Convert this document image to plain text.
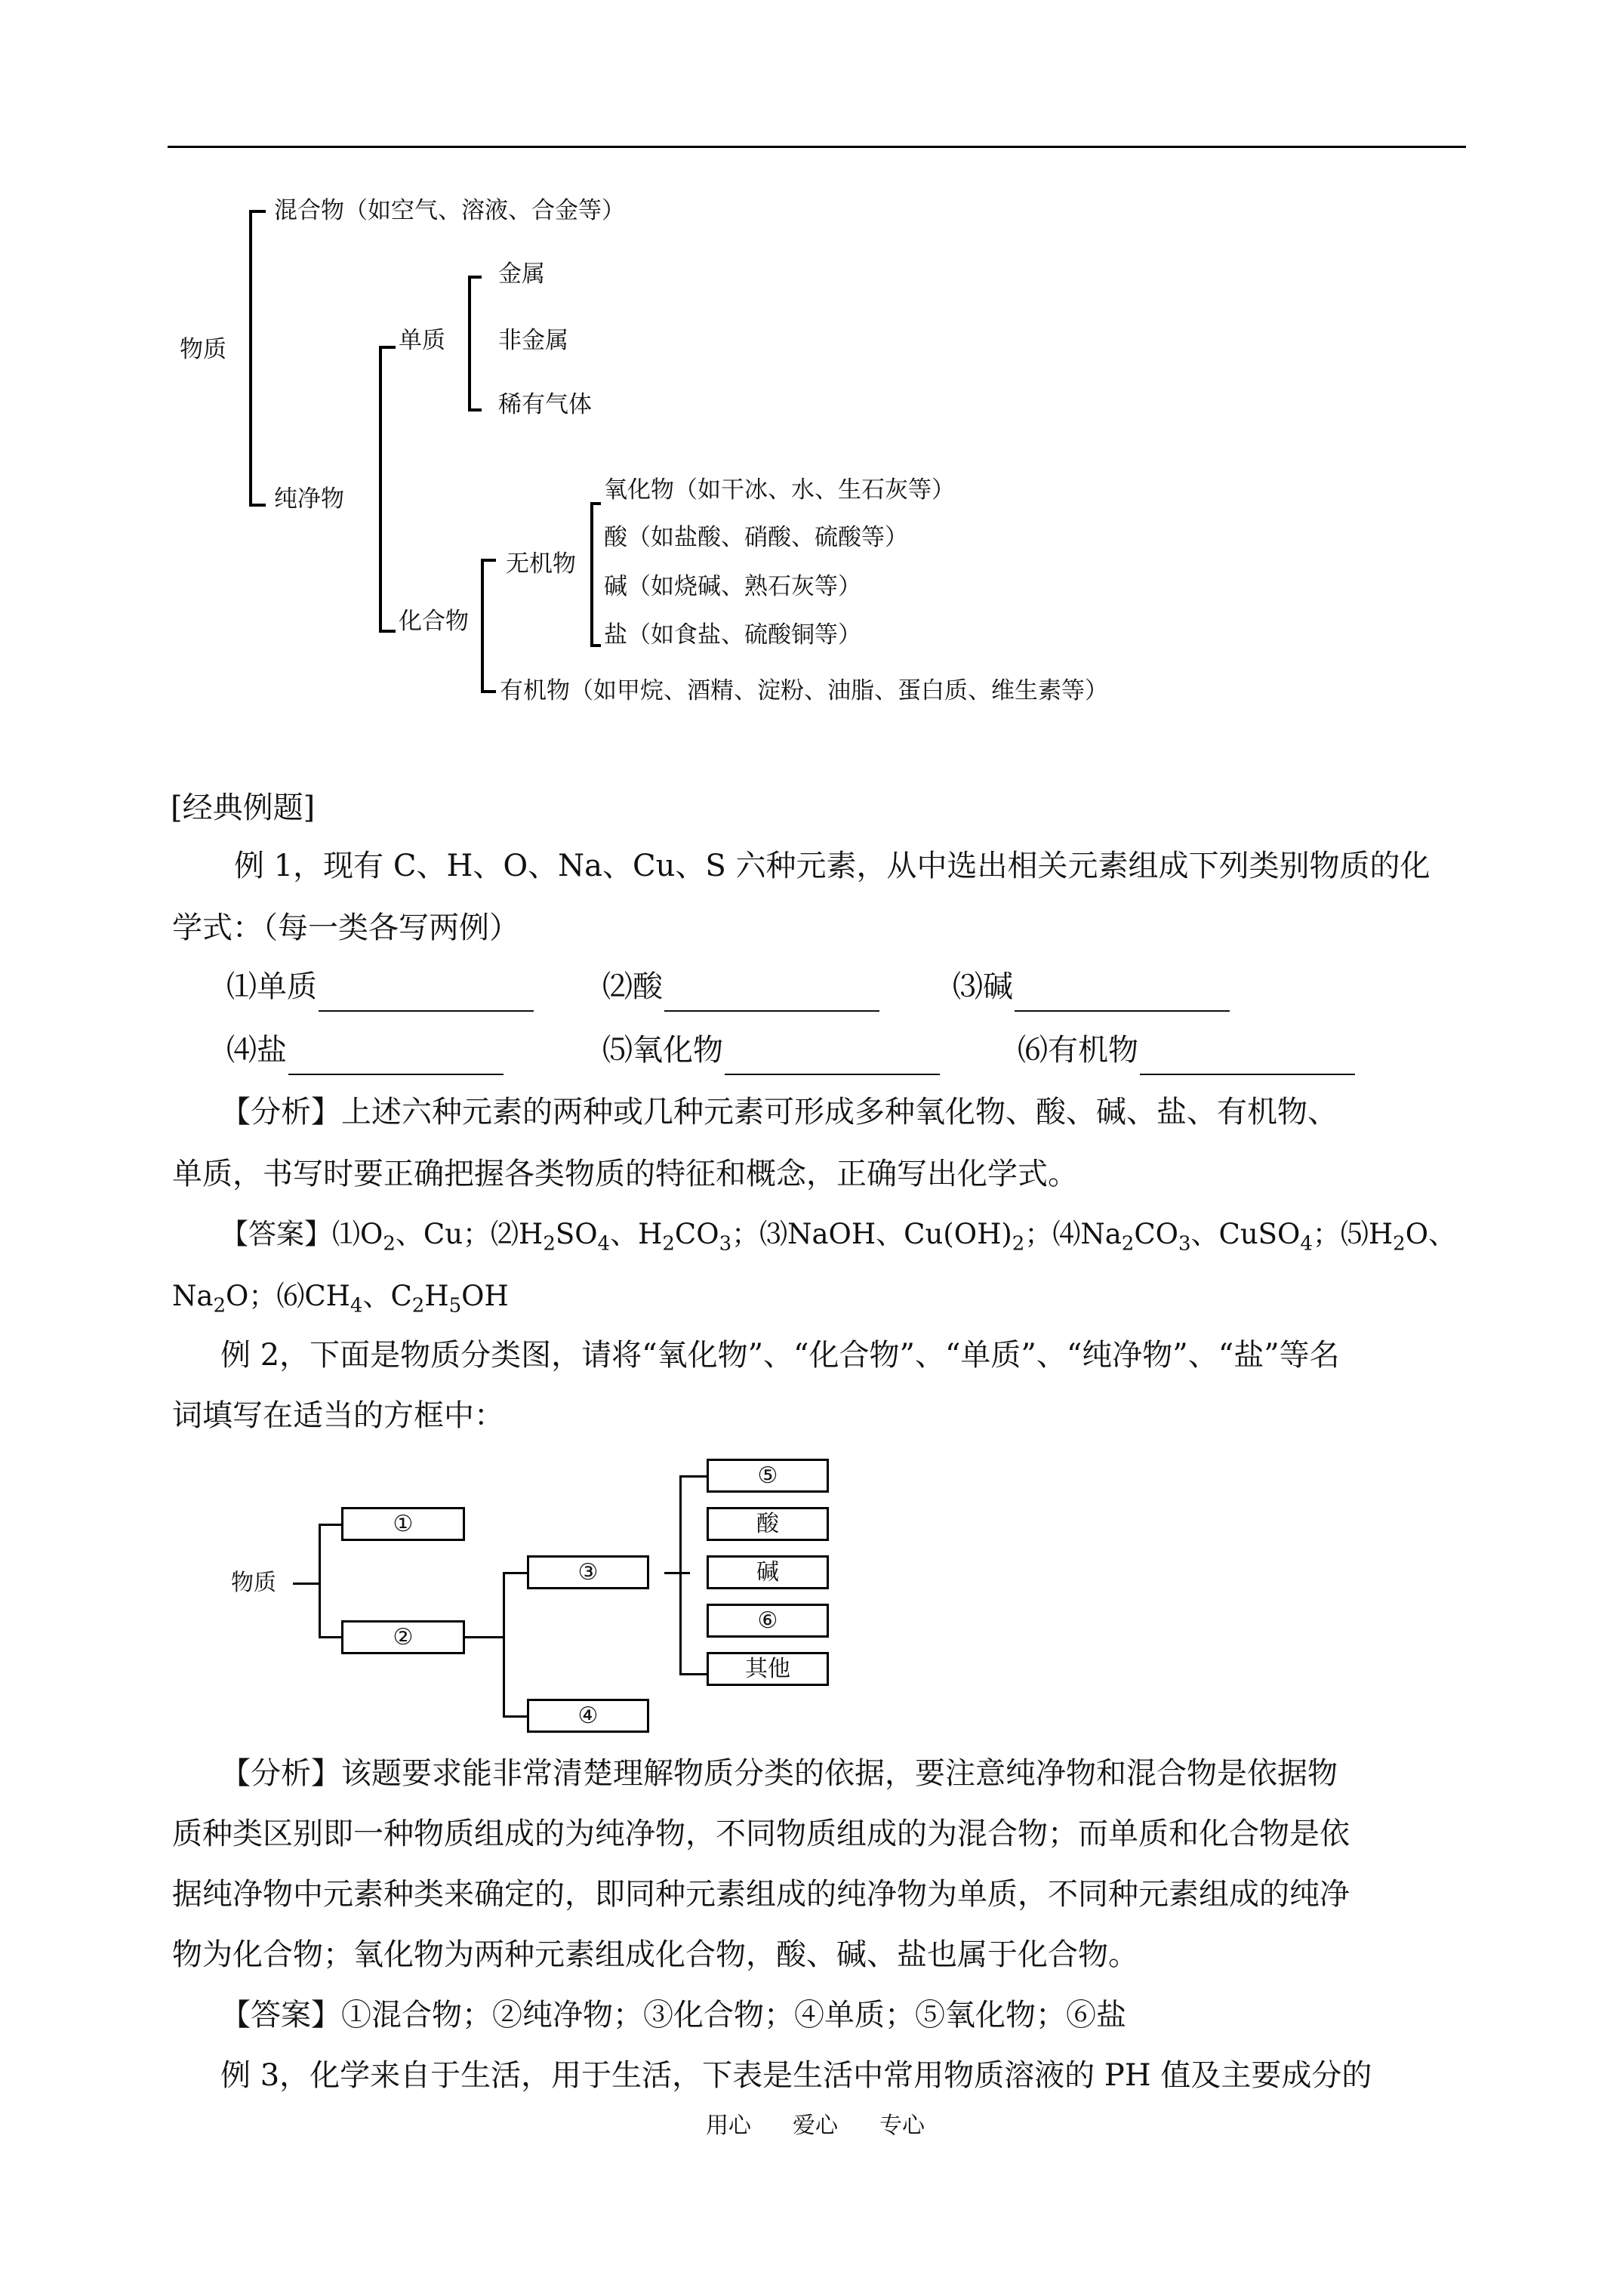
物质
混合物（如空气、溶液、合金等）
纯净物
单质
化合物
金属
非金属
稀有气体
无机物
有机物（如甲烷、酒精、淀粉、油脂、蛋白质、维生素等）
氧化物（如干冰、水、生石灰等）
酸（如盐酸、硝酸、硫酸等）
碱（如烧碱、熟石灰等）
盐（如食盐、硫酸铜等）
[经典例题]
例 1，现有 C、H、O、Na、Cu、S 六种元素，从中选出相关元素组成下列类别物质的化
学式：（每一类各写两例）
⑴单质	⑵酸	⑶碱
⑷盐	⑸氧化物	⑹有机物
【分析】上述六种元素的两种或几种元素可形成多种氧化物、酸、碱、盐、有机物、
单质，书写时要正确把握各类物质的特征和概念，正确写出化学式。
【答案】$⑴O_2$、Cu；$⑵H_2SO_4$、$H_2CO_3$；⑶NaOH、$Cu(OH)_2$；$⑷Na_2CO_3$、CuSO$_4$；$⑸H_2O$、
$Na_2O$；$⑹CH_4$、$C_2H_5OH$
例 2，下面是物质分类图，请将“氧化物”、“化合物”、“单质”、“纯净物”、“盐”等名
词填写在适当的方框中：
物质
①
②
③
④
⑤
酸
碱
⑥
其他
【分析】该题要求能非常清楚理解物质分类的依据，要注意纯净物和混合物是依据物
质种类区别即一种物质组成的为纯净物，不同物质组成的为混合物；而单质和化合物是依
据纯净物中元素种类来确定的，即同种元素组成的纯净物为单质，不同种元素组成的纯净
物为化合物；氧化物为两种元素组成化合物，酸、碱、盐也属于化合物。
【答案】①混合物；②纯净物；③化合物；④单质；⑤氧化物；⑥盐
例 3，化学来自于生活，用于生活，下表是生活中常用物质溶液的 PH 值及主要成分的
用心 爱心 专心
